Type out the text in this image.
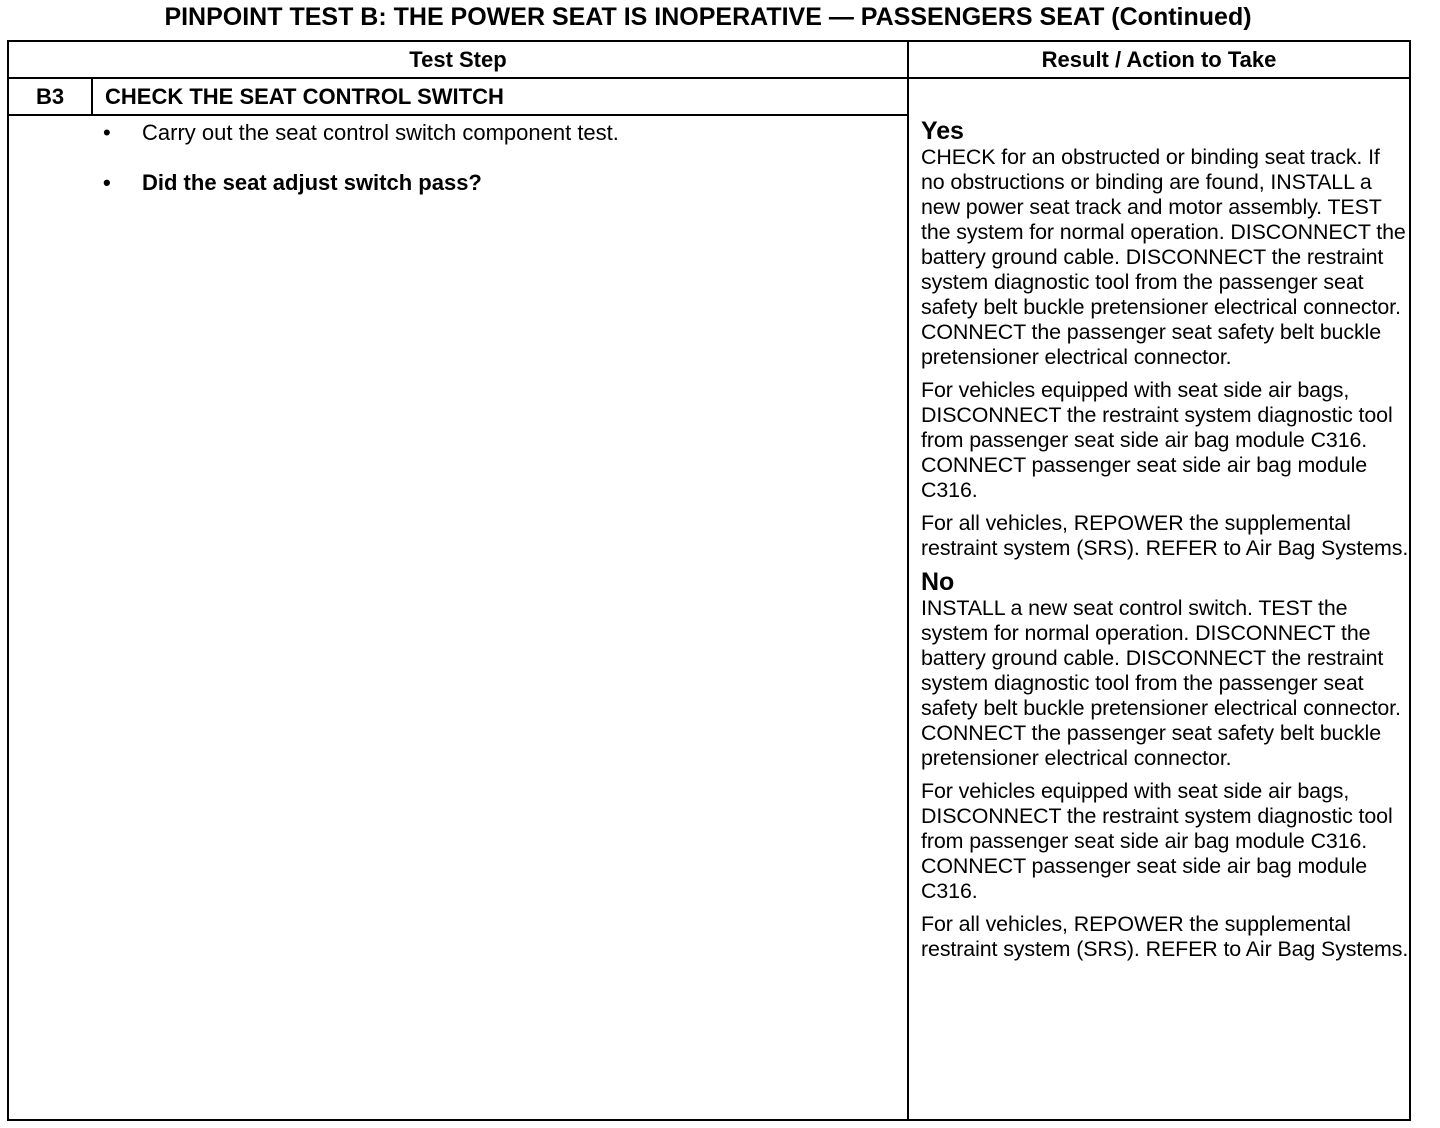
PINPOINT TEST B: THE POWER SEAT IS INOPERATIVE — PASSENGERS SEAT (Continued)
Test Step	Result / Action to Take
B3	CHECK THE SEAT CONTROL SWITCH
•	Carry out the seat control switch component test.
•	Did the seat adjust switch pass?
Yes

CHECK for an obstructed or binding seat track. If no obstructions or binding are found, INSTALL a new power seat track and motor assembly. TEST the system for normal operation. DISCONNECT the battery ground cable. DISCONNECT the restraint system diagnostic tool from the passenger seat safety belt buckle pretensioner electrical connector. CONNECT the passenger seat safety belt buckle pretensioner electrical connector.

For vehicles equipped with seat side air bags, DISCONNECT the restraint system diagnostic tool from passenger seat side air bag module C316. CONNECT passenger seat side air bag module C316.

For all vehicles, REPOWER the supplemental restraint system (SRS). REFER to Air Bag Systems.

No

INSTALL a new seat control switch. TEST the system for normal operation. DISCONNECT the battery ground cable. DISCONNECT the restraint system diagnostic tool from the passenger seat safety belt buckle pretensioner electrical connector. CONNECT the passenger seat safety belt buckle pretensioner electrical connector.

For vehicles equipped with seat side air bags, DISCONNECT the restraint system diagnostic tool from passenger seat side air bag module C316. CONNECT passenger seat side air bag module C316.

For all vehicles, REPOWER the supplemental restraint system (SRS). REFER to Air Bag Systems.
